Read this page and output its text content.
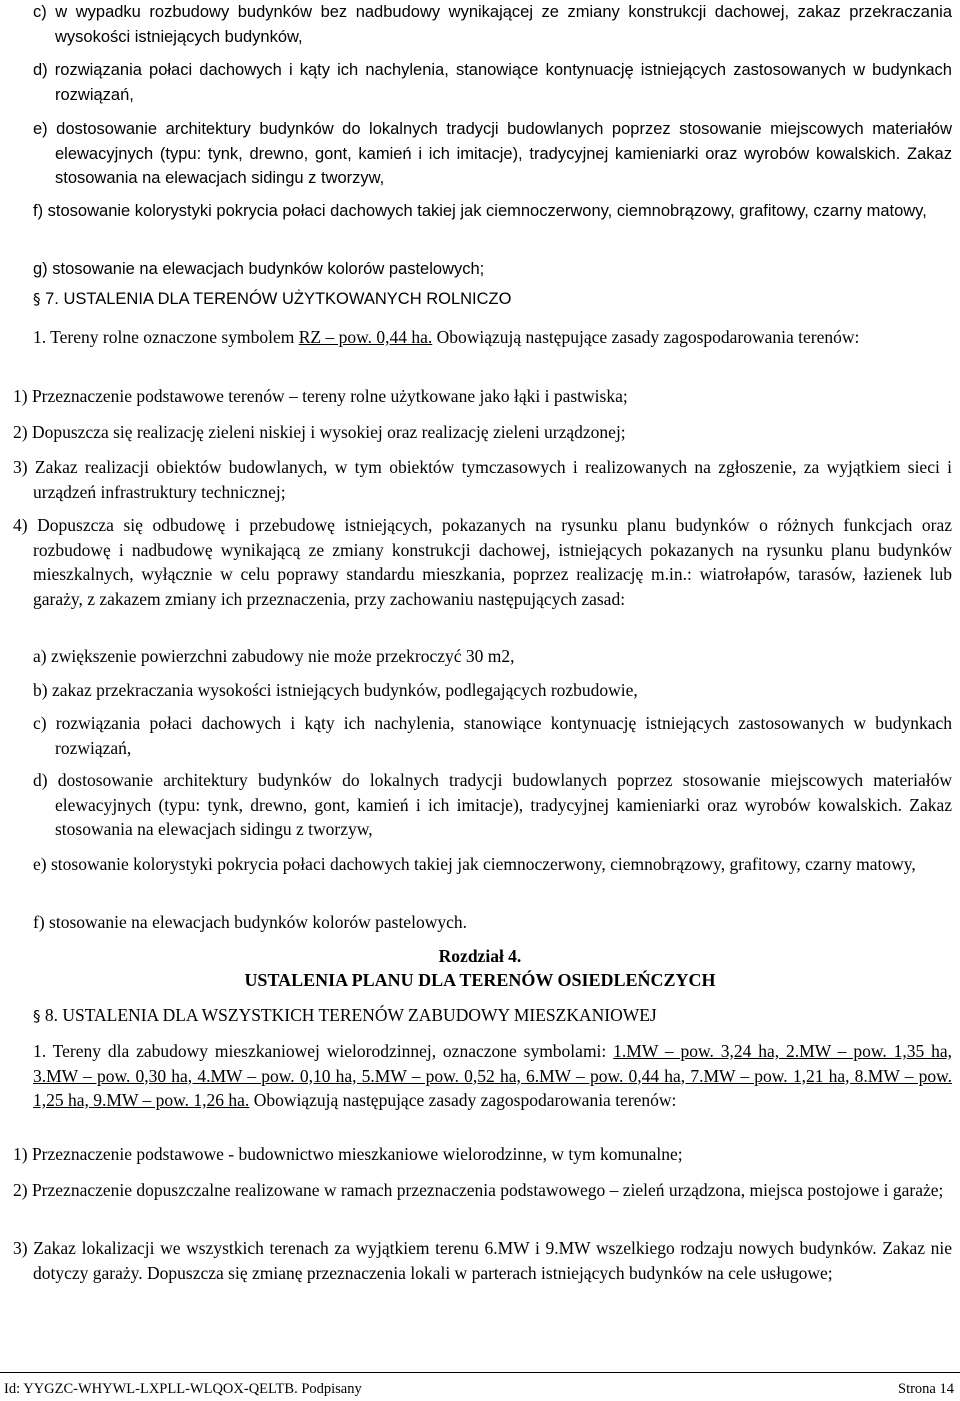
c) w wypadku rozbudowy budynków bez nadbudowy wynikającej ze zmiany konstrukcji dachowej, zakaz przekraczania wysokości istniejących budynków,

d) rozwiązania połaci dachowych i kąty ich nachylenia, stanowiące kontynuację istniejących zastosowanych w budynkach rozwiązań,

e) dostosowanie architektury budynków do lokalnych tradycji budowlanych poprzez stosowanie miejscowych materiałów elewacyjnych (typu: tynk, drewno, gont, kamień i ich imitacje), tradycyjnej kamieniarki oraz wyrobów kowalskich. Zakaz stosowania na elewacjach sidingu z tworzyw,

f) stosowanie kolorystyki pokrycia połaci dachowych takiej jak ciemnoczerwony, ciemnobrązowy, grafitowy, czarny matowy,

g) stosowanie na elewacjach budynków kolorów pastelowych;

§ 7. USTALENIA DLA TERENÓW UŻYTKOWANYCH ROLNICZO

1. Tereny rolne oznaczone symbolem RZ – pow. 0,44 ha. Obowiązują następujące zasady zagospodarowania terenów:

1) Przeznaczenie podstawowe terenów – tereny rolne użytkowane jako łąki i pastwiska;

2) Dopuszcza się realizację zieleni niskiej i wysokiej oraz realizację zieleni urządzonej;

3) Zakaz realizacji obiektów budowlanych, w tym obiektów tymczasowych i realizowanych na zgłoszenie, za wyjątkiem sieci i urządzeń infrastruktury technicznej;

4) Dopuszcza się odbudowę i przebudowę istniejących, pokazanych na rysunku planu budynków o różnych funkcjach oraz rozbudowę i nadbudowę wynikającą ze zmiany konstrukcji dachowej, istniejących pokazanych na rysunku planu budynków mieszkalnych, wyłącznie w celu poprawy standardu mieszkania, poprzez realizację m.in.: wiatrołapów, tarasów, łazienek lub garaży, z zakazem zmiany ich przeznaczenia, przy zachowaniu następujących zasad:

a) zwiększenie powierzchni zabudowy nie może przekroczyć 30 m2,

b) zakaz przekraczania wysokości istniejących budynków, podlegających rozbudowie,

c) rozwiązania połaci dachowych i kąty ich nachylenia, stanowiące kontynuację istniejących zastosowanych w budynkach rozwiązań,

d) dostosowanie architektury budynków do lokalnych tradycji budowlanych poprzez stosowanie miejscowych materiałów elewacyjnych (typu: tynk, drewno, gont, kamień i ich imitacje), tradycyjnej kamieniarki oraz wyrobów kowalskich. Zakaz stosowania na elewacjach sidingu z tworzyw,

e) stosowanie kolorystyki pokrycia połaci dachowych takiej jak ciemnoczerwony, ciemnobrązowy, grafitowy, czarny matowy,

f) stosowanie na elewacjach budynków kolorów pastelowych.

Rozdział 4.
USTALENIA PLANU DLA TERENÓW OSIEDLEŃCZYCH
§ 8. USTALENIA DLA WSZYSTKICH TERENÓW ZABUDOWY MIESZKANIOWEJ

1. Tereny dla zabudowy mieszkaniowej wielorodzinnej, oznaczone symbolami: 1.MW – pow. 3,24 ha, 2.MW – pow. 1,35 ha, 3.MW – pow. 0,30 ha, 4.MW – pow. 0,10 ha, 5.MW – pow. 0,52 ha, 6.MW – pow. 0,44 ha, 7.MW – pow. 1,21 ha, 8.MW – pow. 1,25 ha, 9.MW – pow. 1,26 ha. Obowiązują następujące zasady zagospodarowania terenów:

1) Przeznaczenie podstawowe - budownictwo mieszkaniowe wielorodzinne, w tym komunalne;

2) Przeznaczenie dopuszczalne realizowane w ramach przeznaczenia podstawowego – zieleń urządzona, miejsca postojowe i garaże;

3) Zakaz lokalizacji we wszystkich terenach za wyjątkiem terenu 6.MW i 9.MW wszelkiego rodzaju nowych budynków. Zakaz nie dotyczy garaży. Dopuszcza się zmianę przeznaczenia lokali w parterach istniejących budynków na cele usługowe;

Id: YYGZC-WHYWL-LXPLL-WLQOX-QELTB. Podpisany	Strona 14
